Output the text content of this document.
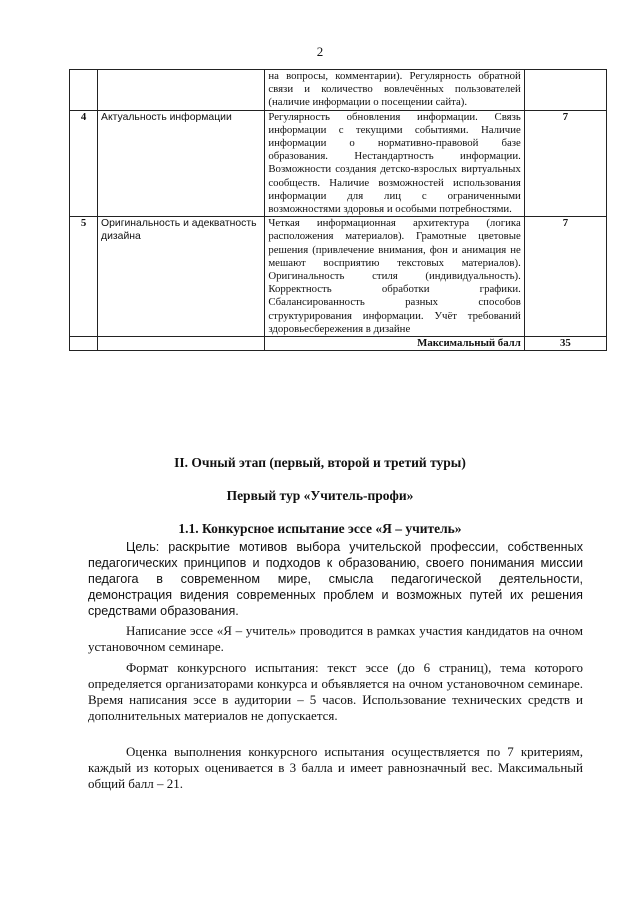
2
		на вопросы, комментарии). Регулярность обратной связи и количество вовлечённых пользователей (наличие информации о посещении сайта).	
4	Актуальность информации	Регулярность обновления информации. Связь информации с текущими событиями. Наличие информации о нормативно-правовой базе образования. Нестандартность информации. Возможности создания детско-взрослых виртуальных сообществ. Наличие возможностей использования информации для лиц с ограниченными возможностями здоровья и особыми потребностями.	7
5	Оригинальность и адекватность дизайна	Четкая информационная архитектура (логика расположения материалов). Грамотные цветовые решения (привлечение внимания, фон и анимация не мешают восприятию текстовых материалов). Оригинальность стиля (индивидуальность). Корректность обработки графики. Сбалансированность разных способов структурирования информации. Учёт требований здоровьесбережения в дизайне	7
		Максимальный балл	35
II. Очный этап (первый, второй и третий туры)
Первый тур «Учитель-профи»
1.1. Конкурсное испытание эссе «Я – учитель»

Цель: раскрытие мотивов выбора учительской профессии, собственных педагогических принципов и подходов к образованию, своего понимания миссии педагога в современном мире, смысла педагогической деятельности, демонстрация видения современных проблем и возможных путей их решения средствами образования.

Написание эссе «Я – учитель» проводится в рамках участия кандидатов на очном установочном семинаре.

Формат конкурсного испытания: текст эссе (до 6 страниц), тема которого определяется организаторами конкурса и объявляется на очном установочном семинаре. Время написания эссе в аудитории – 5 часов. Использование технических средств и дополнительных материалов не допускается.

Оценка выполнения конкурсного испытания осуществляется по 7 критериям, каждый из которых оценивается в 3 балла и имеет равнозначный вес. Максимальный общий балл – 21.
